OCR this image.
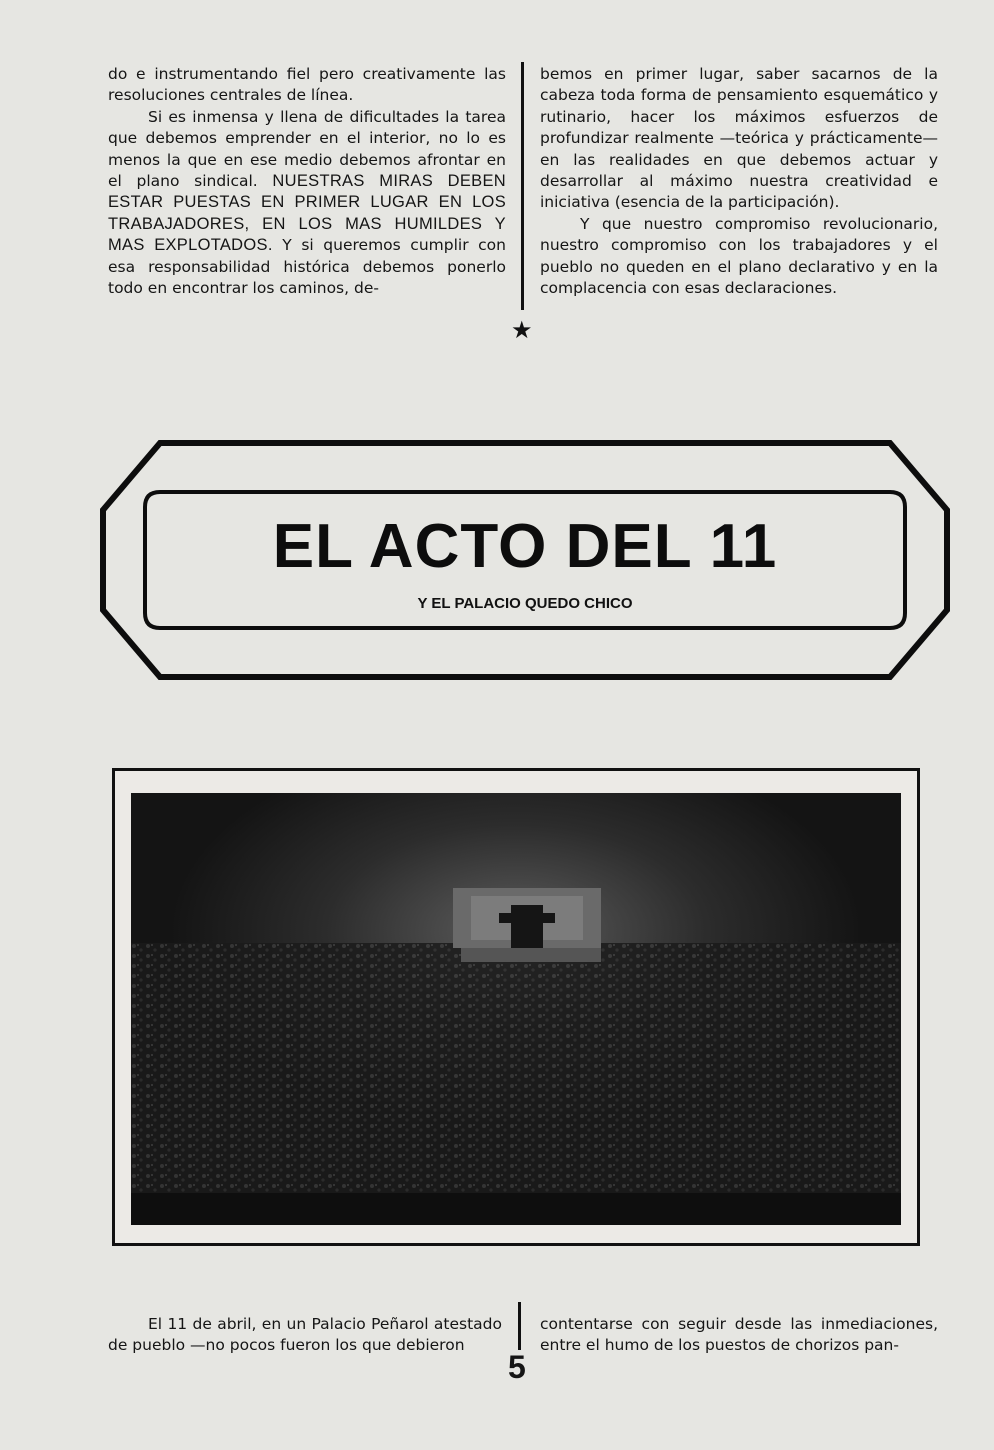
do e instrumentando fiel pero creativamente las resoluciones centrales de línea.

Si es inmensa y llena de dificultades la tarea que debemos emprender en el interior, no lo es menos la que en ese medio debemos afrontar en el plano sindical. NUESTRAS MIRAS DEBEN ESTAR PUESTAS EN PRIMER LUGAR EN LOS TRABAJADORES, EN LOS MAS HUMILDES Y MAS EXPLOTADOS. Y si queremos cumplir con esa responsabilidad histórica debemos ponerlo todo en encontrar los caminos, de-

bemos en primer lugar, saber sacarnos de la cabeza toda forma de pensamiento esquemático y rutinario, hacer los máximos esfuerzos de profundizar realmente —teórica y prácticamente— en las realidades en que debemos actuar y desarrollar al máximo nuestra creatividad e iniciativa (esencia de la participación).

Y que nuestro compromiso revolucionario, nuestro compromiso con los trabajadores y el pueblo no queden en el plano declarativo y en la complacencia con esas declaraciones.

★
EL ACTO DEL 11
Y EL PALACIO QUEDO CHICO

El 11 de abril, en un Palacio Peñarol atestado de pueblo —no pocos fueron los que debieron

contentarse con seguir desde las inmediaciones, entre el humo de los puestos de chorizos pan-

5
